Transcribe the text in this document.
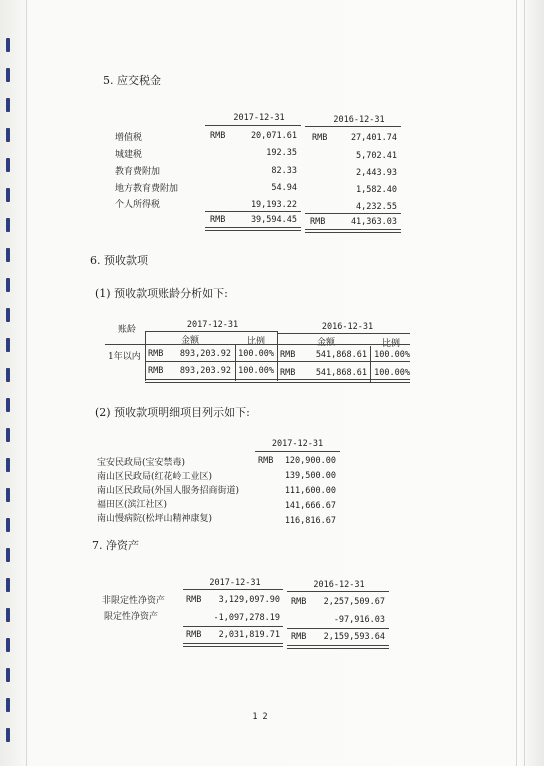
5. 应交税金
2017-12-31	2016-12-31
增值税	RMB	20,071.61 RMB	27,401.74
城建税	192.35	5,702.41
教育费附加	82.33	2,443.93
地方教育费附加	54.94	1,582.40
个人所得税	19,193.22	4,232.55
RMB	39,594.45 RMB	41,363.03
6. 预收款项
(1) 预收款项账龄分析如下:
2017-12-31	2016-12-31
账龄
金额	比例	金额	比例
1年以内 RMB	893,203.92 100.00% RMB	541,868.61 100.00%
RMB	893,203.92 100.00% RMB	541,868.61 100.00%
(2) 预收款项明细项目列示如下:
2017-12-31
宝安民政局(宝安禁毒)	RMB	120,900.00
南山区民政局(红花岭工业区)	139,500.00
南山区民政局(外国人服务招商街道)	111,600.00
福田区(滨江社区)	141,666.67
南山慢病院(松坪山精神康复)	116,816.67
7. 净资产
2017-12-31	2016-12-31
非限定性净资产 RMB	3,129,097.90 RMB	2,257,509.67
限定性净资产	-1,097,278.19	-97,916.03
RMB	2,031,819.71 RMB	2,159,593.64
1 2
